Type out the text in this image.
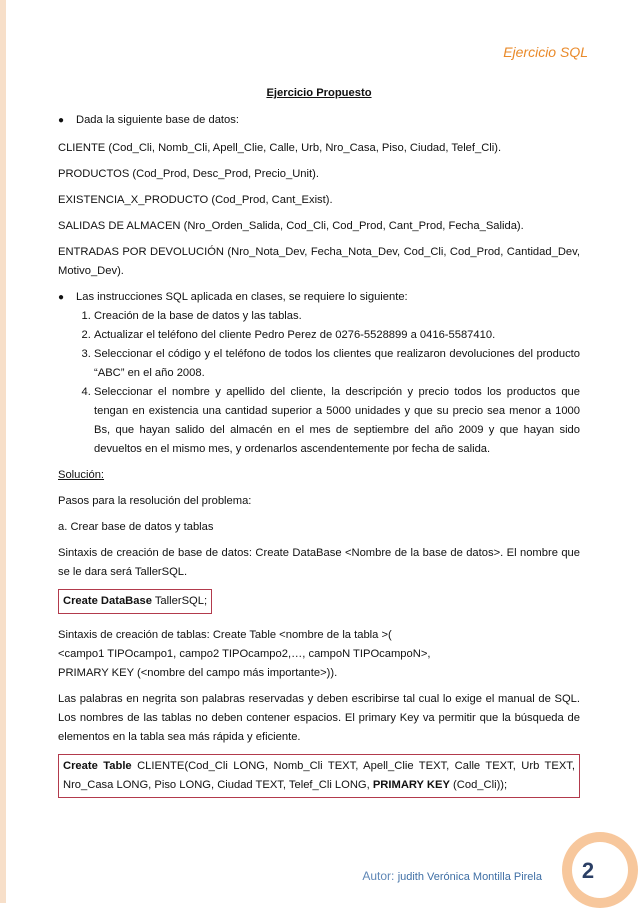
Ejercicio SQL
Ejercicio Propuesto
●	Dada la siguiente base de datos:

CLIENTE (Cod_Cli, Nomb_Cli, Apell_Clie, Calle, Urb, Nro_Casa, Piso, Ciudad, Telef_Cli).

PRODUCTOS (Cod_Prod, Desc_Prod, Precio_Unit).

EXISTENCIA_X_PRODUCTO (Cod_Prod, Cant_Exist).

SALIDAS DE ALMACEN (Nro_Orden_Salida, Cod_Cli, Cod_Prod, Cant_Prod, Fecha_Salida).

ENTRADAS POR DEVOLUCIÓN (Nro_Nota_Dev, Fecha_Nota_Dev, Cod_Cli, Cod_Prod, Cantidad_Dev, Motivo_Dev).

●	Las instrucciones SQL aplicada en clases, se requiere lo siguiente:
1. Creación de la base de datos y las tablas.
2. Actualizar el teléfono del cliente Pedro Perez de 0276-5528899 a 0416-5587410.
3. Seleccionar el código y el teléfono de todos los clientes que realizaron devoluciones del producto “ABC” en el año 2008.
4. Seleccionar el nombre y apellido del cliente, la descripción y precio todos los productos que tengan en existencia una cantidad superior a 5000 unidades y que su precio sea menor a 1000 Bs, que hayan salido del almacén en el mes de septiembre del año 2009 y que hayan sido devueltos en el mismo mes, y ordenarlos ascendentemente por fecha de salida.

Solución:

Pasos para la resolución del problema:

a. Crear base de datos y tablas

Sintaxis de creación de base de datos: Create DataBase <Nombre de la base de datos>. El nombre que se le dara será TallerSQL.

Create DataBase TallerSQL;

Sintaxis de creación de tablas: Create Table <nombre de la tabla >(
<campo1 TIPOcampo1, campo2 TIPOcampo2,…, campoN TIPOcampoN>,
PRIMARY KEY (<nombre del campo más importante>)).

Las palabras en negrita son palabras reservadas y deben escribirse tal cual lo exige el manual de SQL. Los nombres de las tablas no deben contener espacios. El primary Key va permitir que la búsqueda de elementos en la tabla sea más rápida y eficiente.

Create Table CLIENTE(Cod_Cli LONG, Nomb_Cli TEXT, Apell_Clie TEXT, Calle TEXT, Urb TEXT, Nro_Casa LONG, Piso LONG, Ciudad TEXT, Telef_Cli LONG, PRIMARY KEY (Cod_Cli));
Autor: judith Verónica Montilla Pirela	2
